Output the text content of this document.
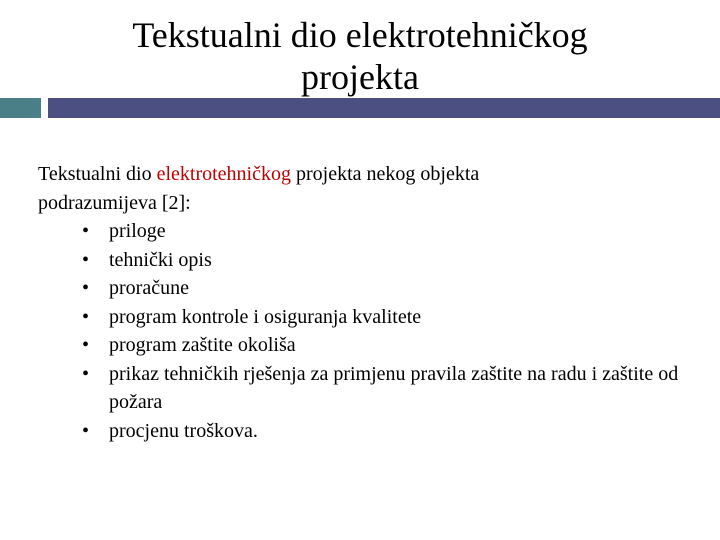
Tekstualni dio elektrotehničkog
projekta

Tekstualni dio elektrotehničkog projekta nekog objekta

podrazumijeva [2]:

• priloge
• tehnički opis
• proračune
• program kontrole i osiguranja kvalitete
• program zaštite okoliša
• prikaz tehničkih rješenja za primjenu pravila zaštite na radu i zaštite od požara
• procjenu troškova.
